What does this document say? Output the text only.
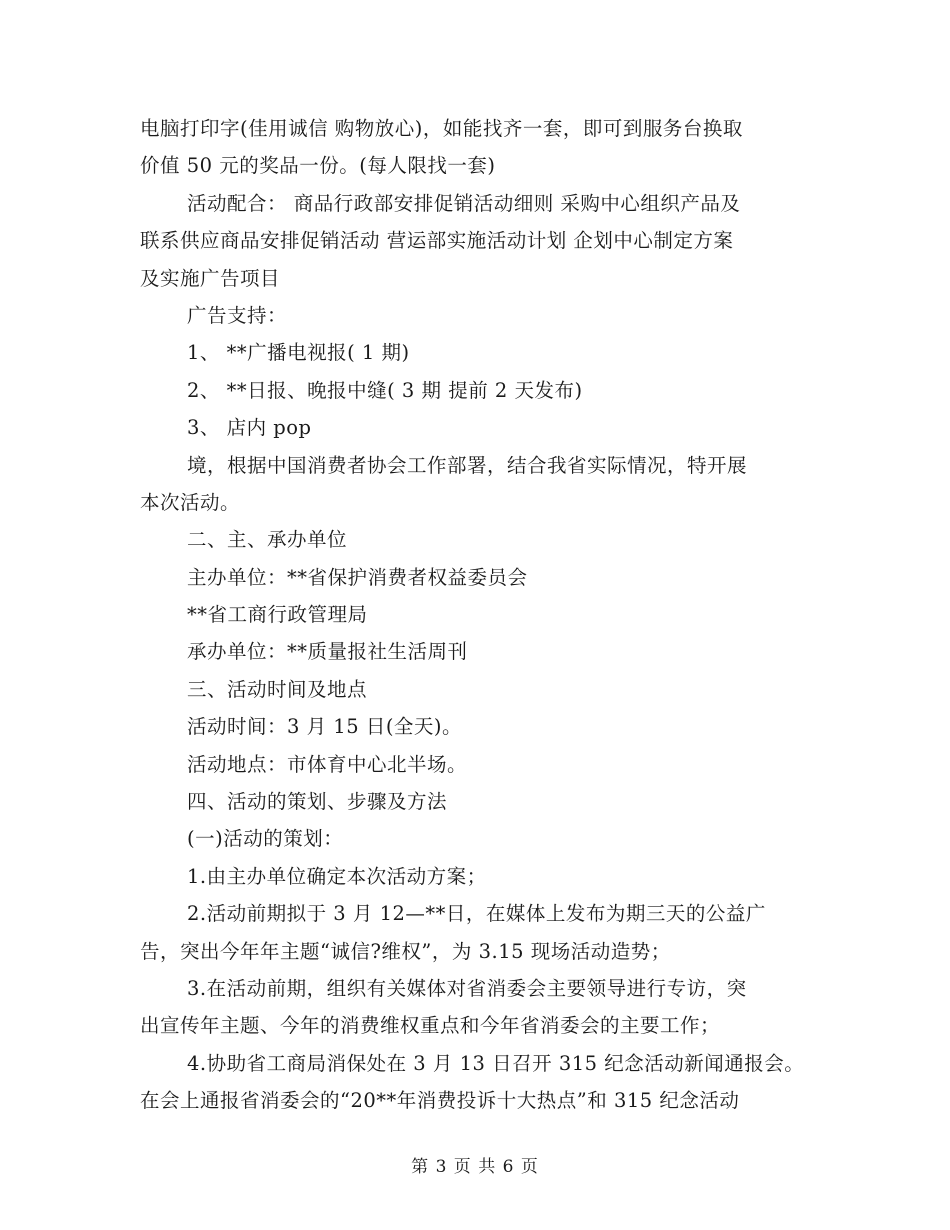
电脑打印字(佳用诚信 购物放心)，如能找齐一套，即可到服务台换取
价值 50 元的奖品一份。(每人限找一套)
活动配合： 商品行政部安排促销活动细则 采购中心组织产品及
联系供应商品安排促销活动 营运部实施活动计划 企划中心制定方案
及实施广告项目
广告支持：
1、 **广播电视报( 1 期)
2、 **日报、晚报中缝( 3 期 提前 2 天发布)
3、 店内 pop
境，根据中国消费者协会工作部署，结合我省实际情况，特开展
本次活动。
二、主、承办单位
主办单位：**省保护消费者权益委员会
**省工商行政管理局
承办单位：**质量报社生活周刊
三、活动时间及地点
活动时间：3 月 15 日(全天)。
活动地点：市体育中心北半场。
四、活动的策划、步骤及方法
(一)活动的策划：
1.由主办单位确定本次活动方案；
2.活动前期拟于 3 月 12—**日，在媒体上发布为期三天的公益广
告，突出今年年主题“诚信?维权”，为 3.15 现场活动造势；
3.在活动前期，组织有关媒体对省消委会主要领导进行专访，突
出宣传年主题、今年的消费维权重点和今年省消委会的主要工作；
4.协助省工商局消保处在 3 月 13 日召开 315 纪念活动新闻通报会。
在会上通报省消委会的“20**年消费投诉十大热点”和 315 纪念活动
第 3 页 共 6 页
